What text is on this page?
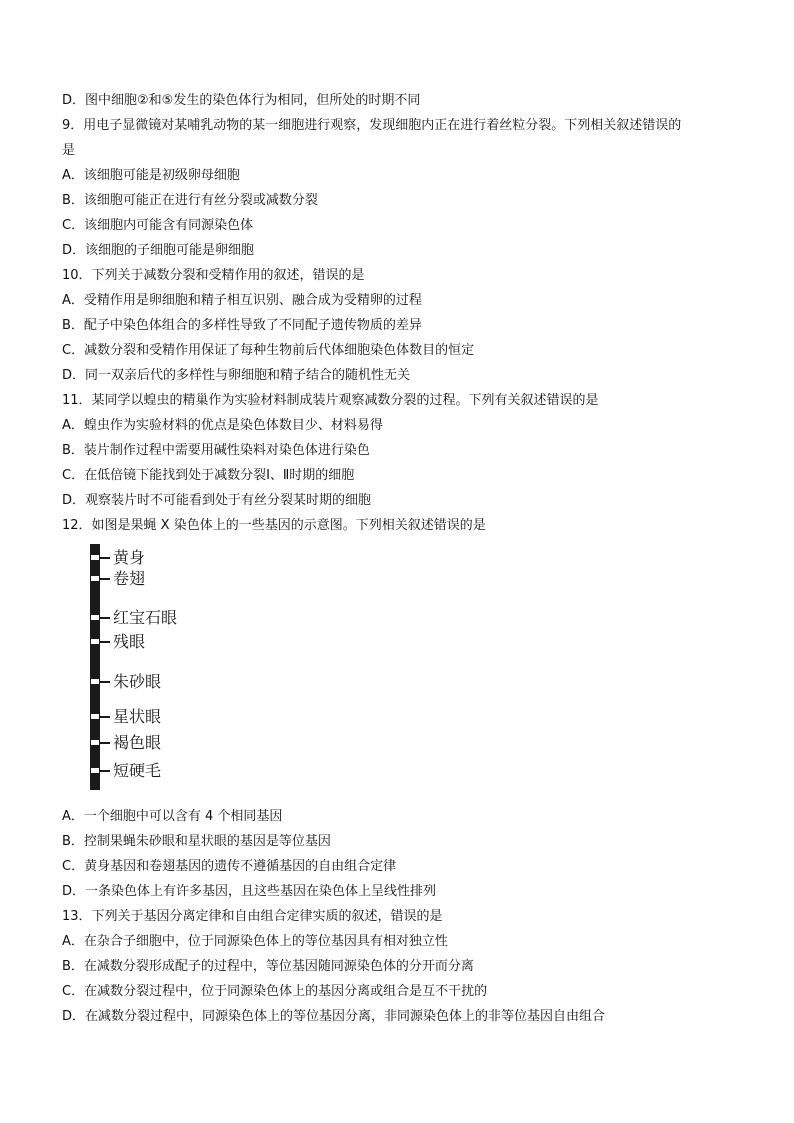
D．图中细胞②和⑤发生的染色体行为相同，但所处的时期不同
9．用电子显微镜对某哺乳动物的某一细胞进行观察，发现细胞内正在进行着丝粒分裂。下列相关叙述错误的
是
A．该细胞可能是初级卵母细胞
B．该细胞可能正在进行有丝分裂或减数分裂
C．该细胞内可能含有同源染色体
D．该细胞的子细胞可能是卵细胞
10．下列关于减数分裂和受精作用的叙述，错误的是
A．受精作用是卵细胞和精子相互识别、融合成为受精卵的过程
B．配子中染色体组合的多样性导致了不同配子遗传物质的差异
C．减数分裂和受精作用保证了每种生物前后代体细胞染色体数目的恒定
D．同一双亲后代的多样性与卵细胞和精子结合的随机性无关
11．某同学以蝗虫的精巢作为实验材料制成装片观察减数分裂的过程。下列有关叙述错误的是
A．蝗虫作为实验材料的优点是染色体数目少、材料易得
B．装片制作过程中需要用碱性染料对染色体进行染色
C．在低倍镜下能找到处于减数分裂Ⅰ、Ⅱ时期的细胞
D．观察装片时不可能看到处于有丝分裂某时期的细胞
12．如图是果蝇 X 染色体上的一些基因的示意图。下列相关叙述错误的是
黄身
卷翅
红宝石眼
残眼
朱砂眼
星状眼
褐色眼
短硬毛
A．一个细胞中可以含有 4 个相同基因
B．控制果蝇朱砂眼和星状眼的基因是等位基因
C．黄身基因和卷翅基因的遗传不遵循基因的自由组合定律
D．一条染色体上有许多基因，且这些基因在染色体上呈线性排列
13．下列关于基因分离定律和自由组合定律实质的叙述，错误的是
A．在杂合子细胞中，位于同源染色体上的等位基因具有相对独立性
B．在减数分裂形成配子的过程中，等位基因随同源染色体的分开而分离
C．在减数分裂过程中，位于同源染色体上的基因分离或组合是互不干扰的
D．在减数分裂过程中，同源染色体上的等位基因分离，非同源染色体上的非等位基因自由组合
